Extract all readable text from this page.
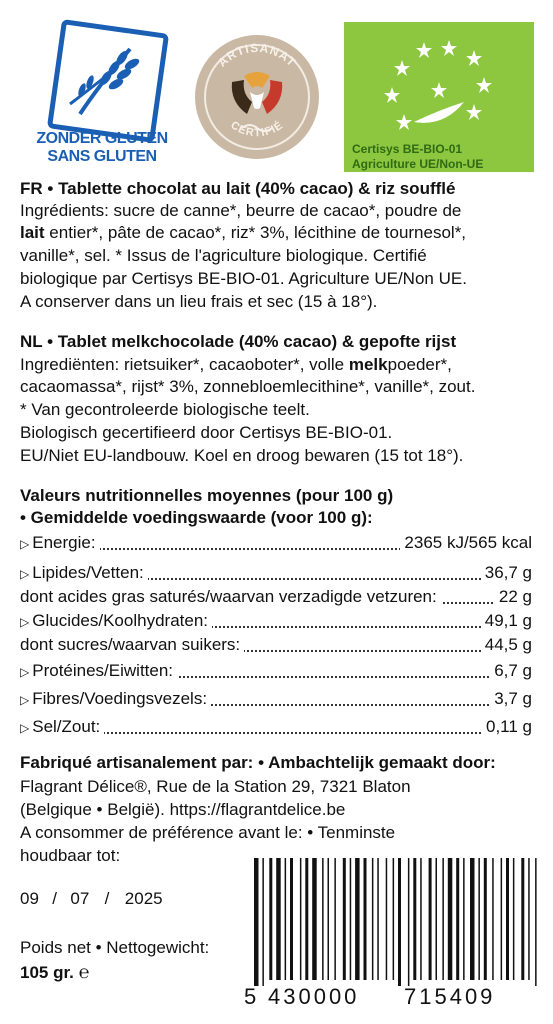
ZONDER GLUTEN
SANS GLUTEN
ARTISANAT
CERTIFIÉ
Certisys BE-BIO-01
Agriculture UE/Non-UE
FR • Tablette chocolat au lait (40% cacao) & riz soufflé
Ingrédients: sucre de canne*, beurre de cacao*, poudre de
lait entier*, pâte de cacao*, riz* 3%, lécithine de tournesol*,
vanille*, sel. * Issus de l'agriculture biologique. Certifié
biologique par Certisys BE-BIO-01. Agriculture UE/Non UE.
A conserver dans un lieu frais et sec (15 à 18°).
NL • Tablet melkchocolade (40% cacao) & gepofte rijst
Ingrediënten: rietsuiker*, cacaoboter*, volle melkpoeder*,
cacaomassa*, rijst* 3%, zonnebloemlecithine*, vanille*, zout.
* Van gecontroleerde biologische teelt.
Biologisch gecertifieerd door Certisys BE-BIO-01.
EU/Niet EU-landbouw. Koel en droog bewaren (15 tot 18°).
Valeurs nutritionnelles moyennes (pour 100 g)
• Gemiddelde voedingswaarde (voor 100 g):
▷ Energie:	2365 kJ/565 kcal
▷ Lipides/Vetten:	36,7 g
dont acides gras saturés/waarvan verzadigde vetzuren:	22 g
▷ Glucides/Koolhydraten:	49,1 g
dont sucres/waarvan suikers:	44,5 g
▷ Protéines/Eiwitten:	6,7 g
▷ Fibres/Voedingsvezels:	3,7 g
▷ Sel/Zout:	0,11 g
Fabriqué artisanalement par: • Ambachtelijk gemaakt door:
Flagrant Délice®, Rue de la Station 29, 7321 Blaton
(Belgique • België). https://flagrantdelice.be
A consommer de préférence avant le: • Tenminste
houdbaar tot:
09 / 07 / 2025
Poids net • Nettogewicht:
105 gr. ℮
5 430000 715409
